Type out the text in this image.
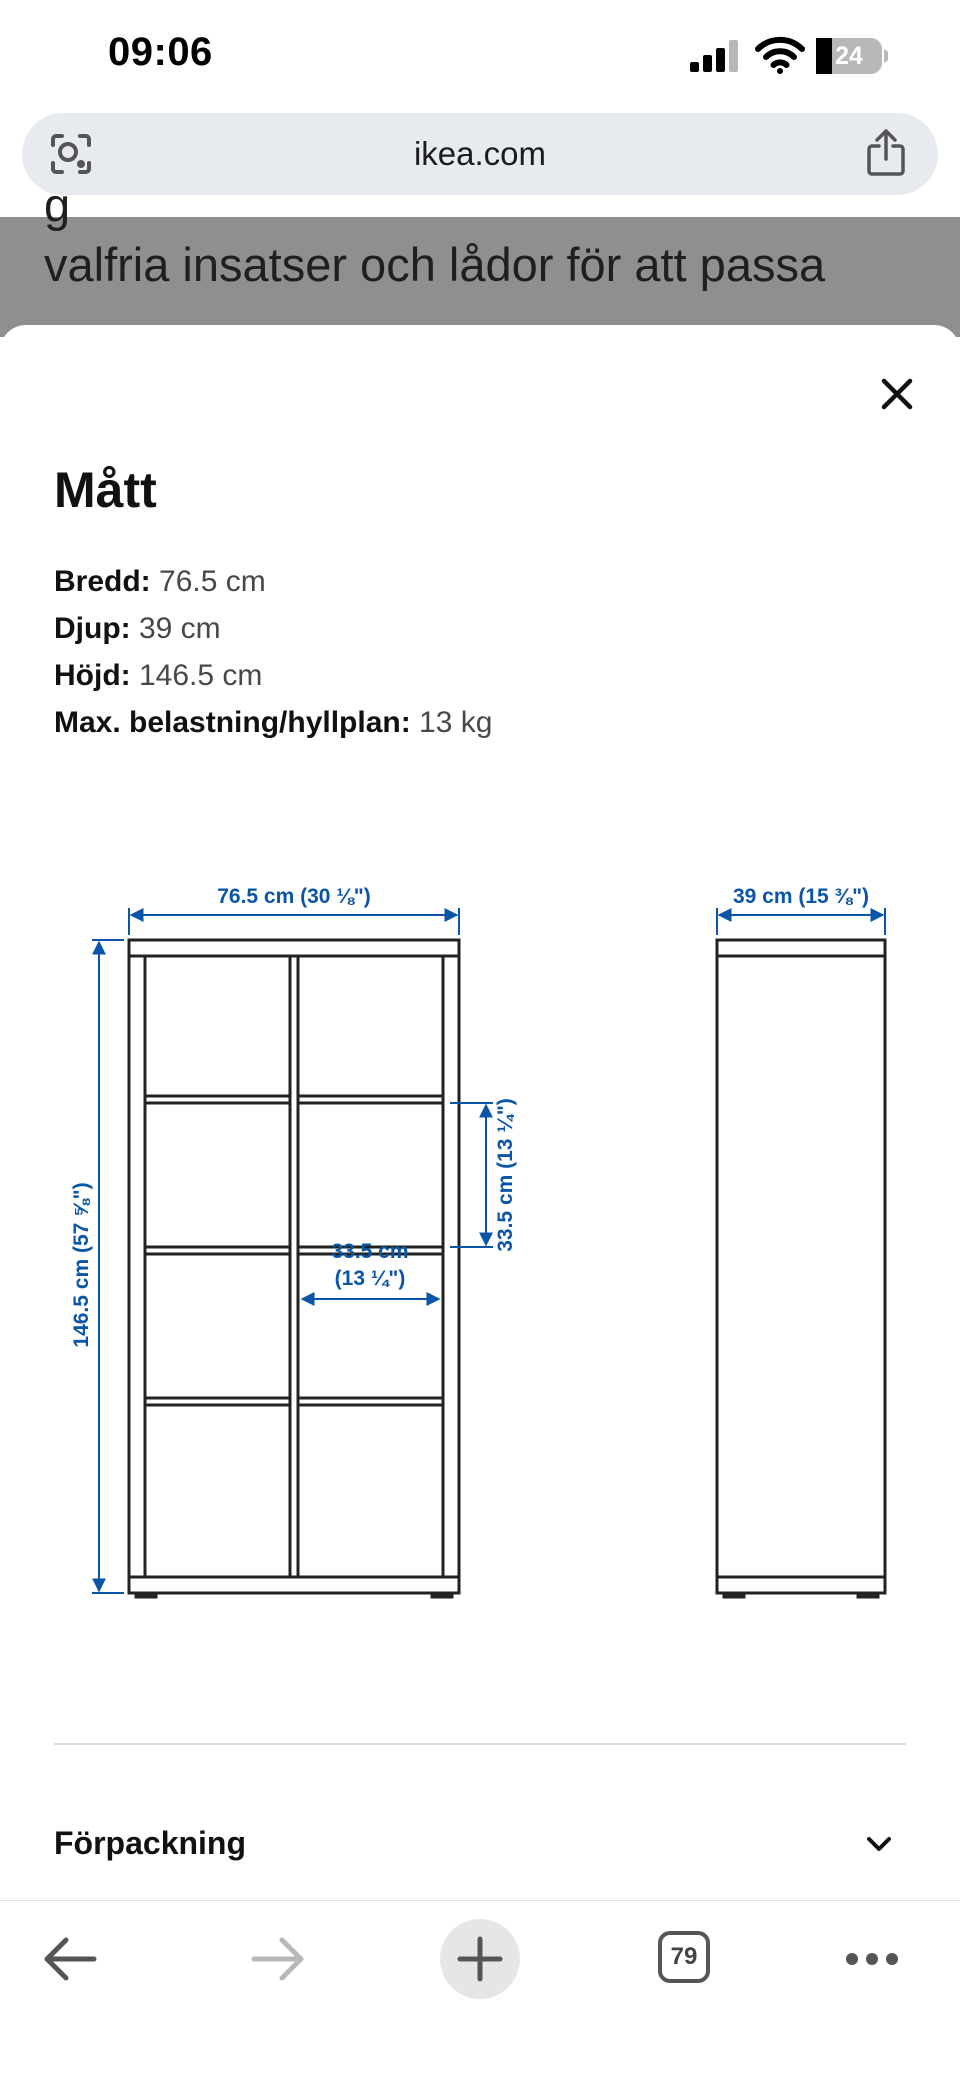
09:06	24
ikea.com
g
valfria insatser och lådor för att passa
Mått
Bredd: 76.5 cm
Djup: 39 cm
Höjd: 146.5 cm
Max. belastning/hyllplan: 13 kg
76.5 cm (30 ⅛")	39 cm (15 ⅜")
146.5 cm (57 ⅝")	33.5 cm
(13 ¼")
33.5 cm (13 ¼")
Förpackning
79
